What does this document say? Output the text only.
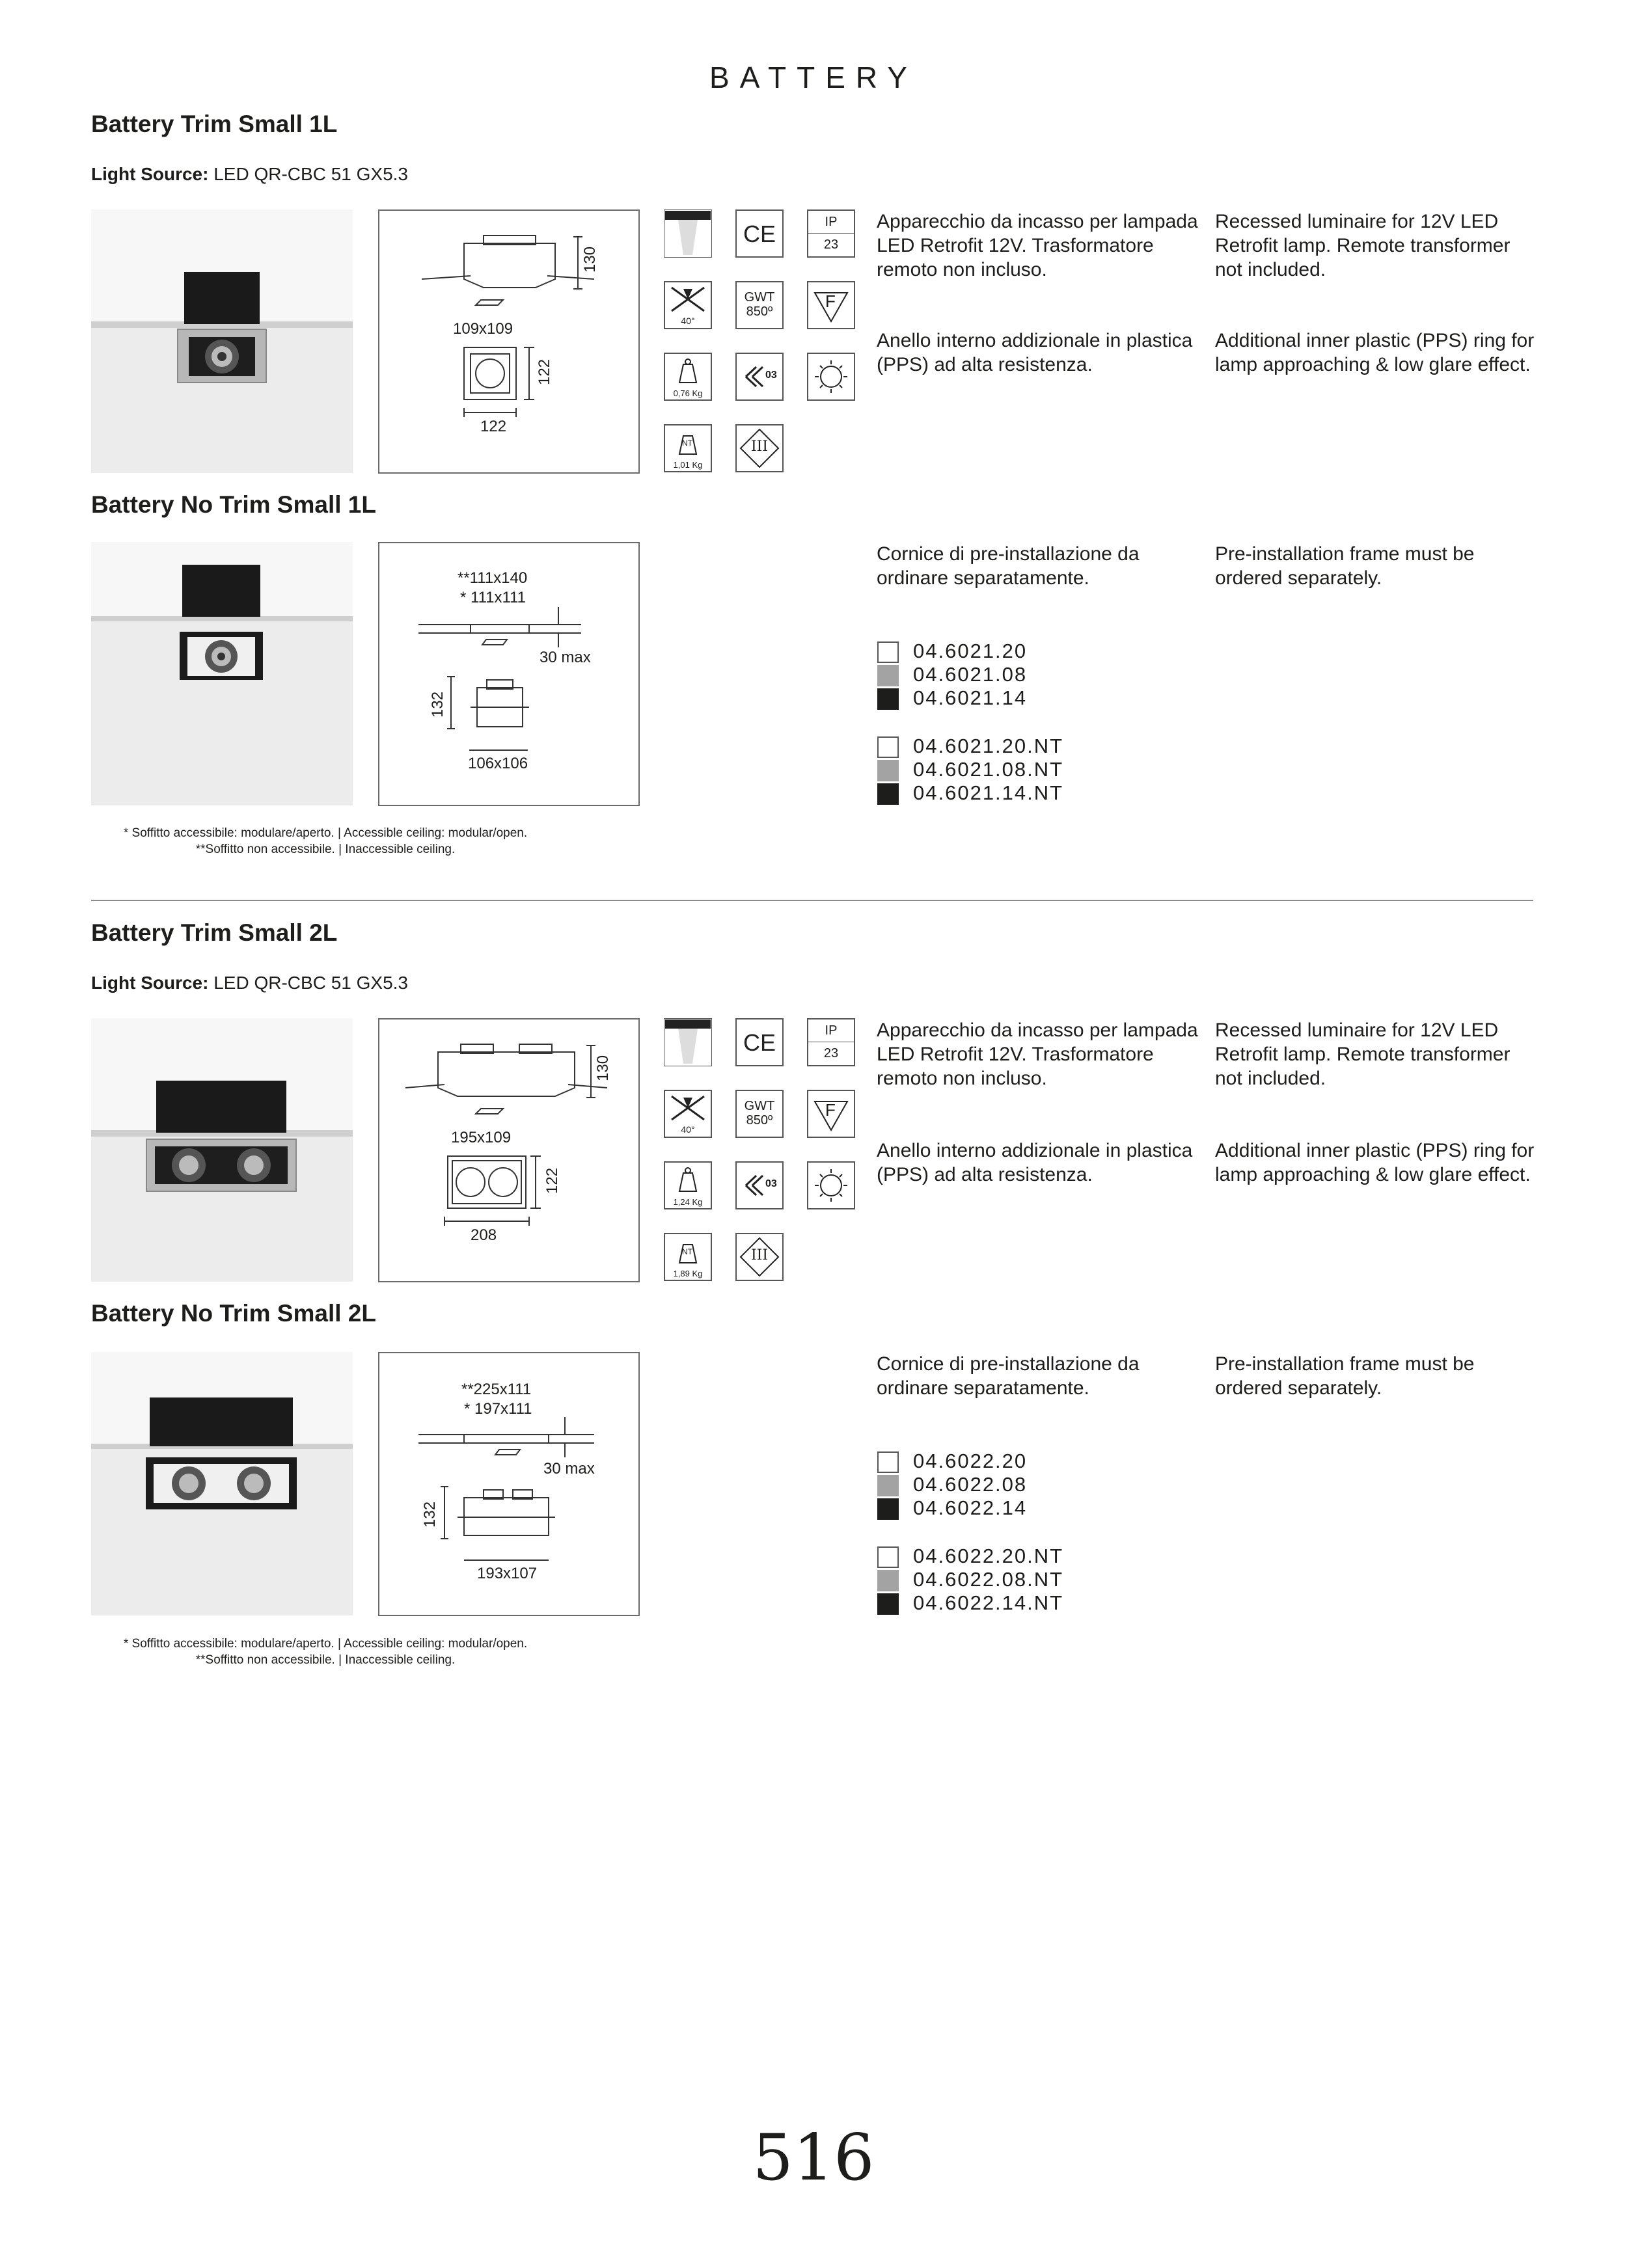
BATTERY
Battery Trim Small 1L
Light Source: LED QR-CBC 51 GX5.3
130
109x109
122
122
CE	IP
23
40°
GWT
850º
F
0,76 Kg
03
NT
1,01 Kg
III
Apparecchio da incasso per lampada LED Retrofit 12V. Trasformatore remoto non incluso.
Recessed luminaire for 12V LED Retrofit lamp. Remote transformer not included.
Anello interno addizionale in plastica (PPS) ad alta resistenza.
Additional inner plastic (PPS) ring for lamp approaching & low glare effect.
Battery No Trim Small 1L
**111x140
* 111x111
30 max
132
106x106
Cornice di pre-installazione da ordinare separatamente.
Pre-installation frame must be ordered separately.
04.6021.20
04.6021.08
04.6021.14
04.6021.20.NT
04.6021.08.NT
04.6021.14.NT
* Soffitto accessibile: modulare/aperto. | Accessible ceiling: modular/open.
**Soffitto non accessibile. | Inaccessible ceiling.
Battery Trim Small 2L
Light Source: LED QR-CBC 51 GX5.3
130
195x109
122
208
CE	IP
23
40°
GWT
850º
F
1,24 Kg
03
NT
1,89 Kg
III
Apparecchio da incasso per lampada LED Retrofit 12V. Trasformatore remoto non incluso.
Recessed luminaire for 12V LED Retrofit lamp. Remote transformer not included.
Anello interno addizionale in plastica (PPS) ad alta resistenza.
Additional inner plastic (PPS) ring for lamp approaching & low glare effect.
Battery No Trim Small 2L
**225x111
* 197x111
30 max
132
193x107
Cornice di pre-installazione da ordinare separatamente.
Pre-installation frame must be ordered separately.
04.6022.20
04.6022.08
04.6022.14
04.6022.20.NT
04.6022.08.NT
04.6022.14.NT
* Soffitto accessibile: modulare/aperto. | Accessible ceiling: modular/open.
**Soffitto non accessibile. | Inaccessible ceiling.
516
